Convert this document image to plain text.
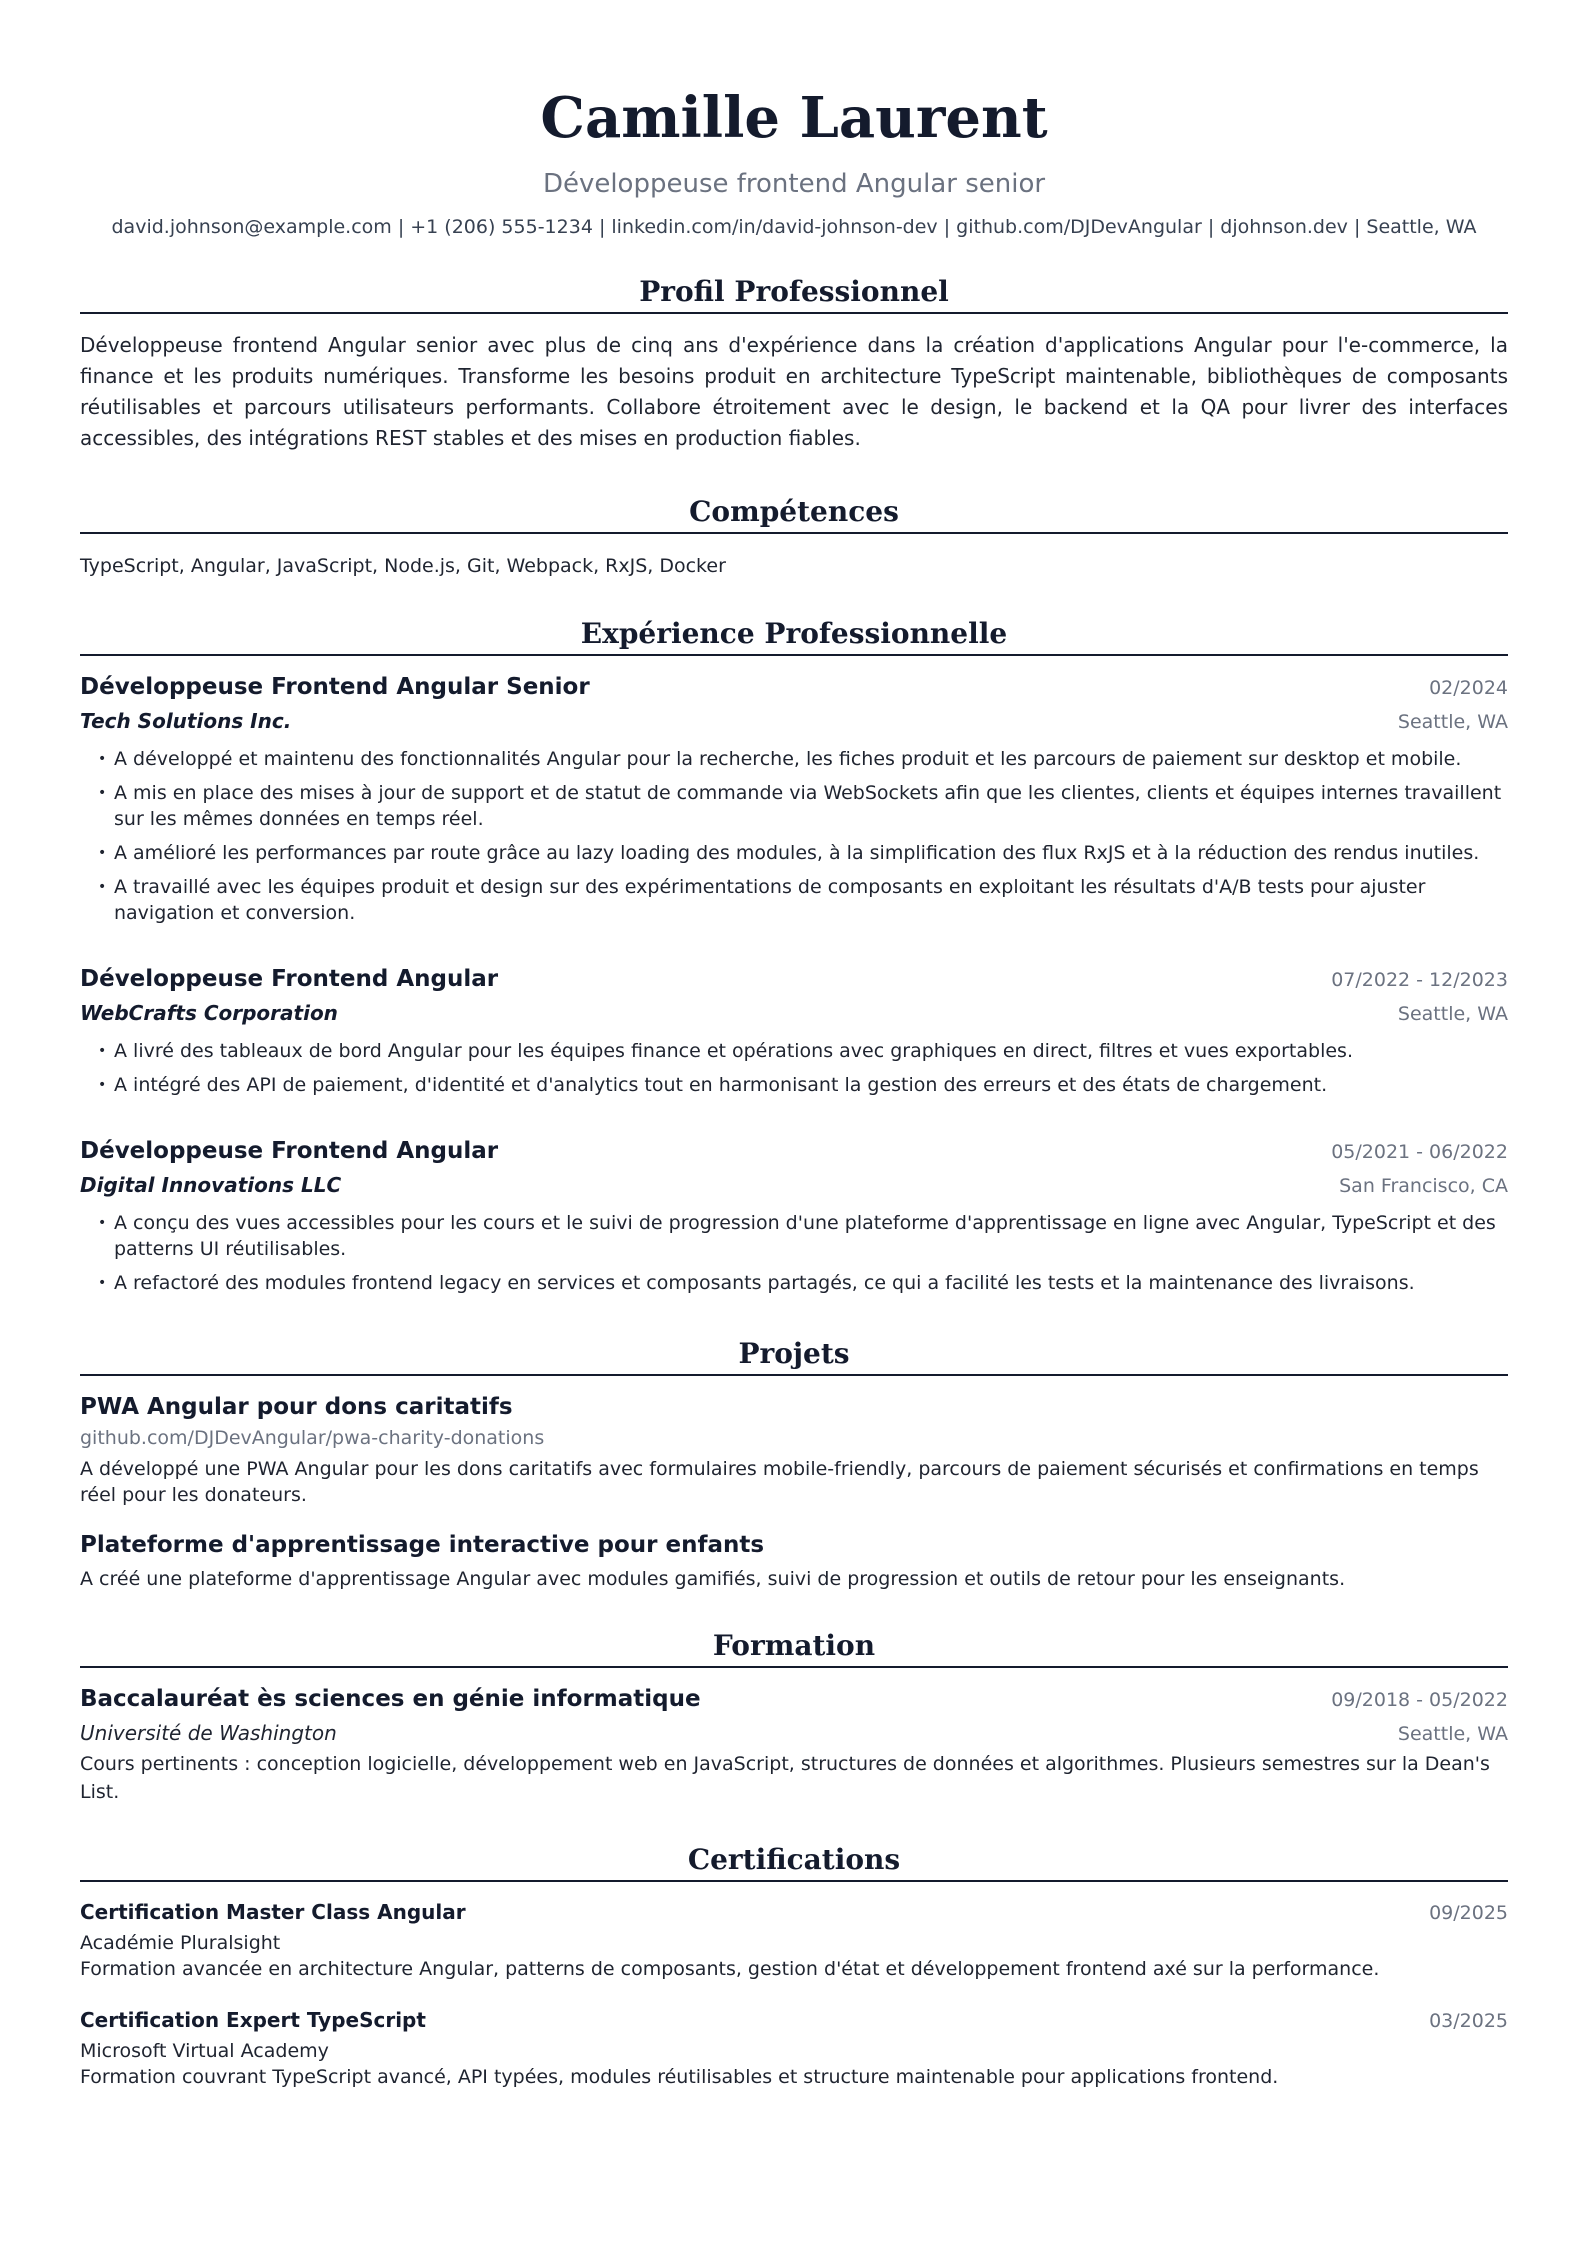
Camille Laurent
Développeuse frontend Angular senior
david.johnson@example.com | +1 (206) 555-1234 | linkedin.com/in/david-johnson-dev | github.com/DJDevAngular | djohnson.dev | Seattle, WA
Profil Professionnel

Développeuse frontend Angular senior avec plus de cinq ans d'expérience dans la création d'applications Angular pour l'e-commerce, la finance et les produits numériques. Transforme les besoins produit en architecture TypeScript maintenable, bibliothèques de composants réutilisables et parcours utilisateurs performants. Collabore étroitement avec le design, le backend et la QA pour livrer des interfaces accessibles, des intégrations REST stables et des mises en production fiables.

Compétences

TypeScript, Angular, JavaScript, Node.js, Git, Webpack, RxJS, Docker

Expérience Professionnelle
Développeuse Frontend Angular Senior	02/2024
Tech Solutions Inc.	Seattle, WA
• A développé et maintenu des fonctionnalités Angular pour la recherche, les fiches produit et les parcours de paiement sur desktop et mobile.
• A mis en place des mises à jour de support et de statut de commande via WebSockets afin que les clientes, clients et équipes internes travaillent sur les mêmes données en temps réel.
• A amélioré les performances par route grâce au lazy loading des modules, à la simplification des flux RxJS et à la réduction des rendus inutiles.
• A travaillé avec les équipes produit et design sur des expérimentations de composants en exploitant les résultats d'A/B tests pour ajuster navigation et conversion.
Développeuse Frontend Angular	07/2022 - 12/2023
WebCrafts Corporation	Seattle, WA
• A livré des tableaux de bord Angular pour les équipes finance et opérations avec graphiques en direct, filtres et vues exportables.
• A intégré des API de paiement, d'identité et d'analytics tout en harmonisant la gestion des erreurs et des états de chargement.
Développeuse Frontend Angular	05/2021 - 06/2022
Digital Innovations LLC	San Francisco, CA
• A conçu des vues accessibles pour les cours et le suivi de progression d'une plateforme d'apprentissage en ligne avec Angular, TypeScript et des patterns UI réutilisables.
• A refactoré des modules frontend legacy en services et composants partagés, ce qui a facilité les tests et la maintenance des livraisons.
Projets
PWA Angular pour dons caritatifs
github.com/DJDevAngular/pwa-charity-donations
A développé une PWA Angular pour les dons caritatifs avec formulaires mobile-friendly, parcours de paiement sécurisés et confirmations en temps réel pour les donateurs.
Plateforme d'apprentissage interactive pour enfants
A créé une plateforme d'apprentissage Angular avec modules gamifiés, suivi de progression et outils de retour pour les enseignants.
Formation
Baccalauréat ès sciences en génie informatique	09/2018 - 05/2022
Université de Washington	Seattle, WA
Cours pertinents : conception logicielle, développement web en JavaScript, structures de données et algorithmes. Plusieurs semestres sur la Dean's List.
Certifications
Certification Master Class Angular	09/2025
Académie Pluralsight
Formation avancée en architecture Angular, patterns de composants, gestion d'état et développement frontend axé sur la performance.
Certification Expert TypeScript	03/2025
Microsoft Virtual Academy
Formation couvrant TypeScript avancé, API typées, modules réutilisables et structure maintenable pour applications frontend.
